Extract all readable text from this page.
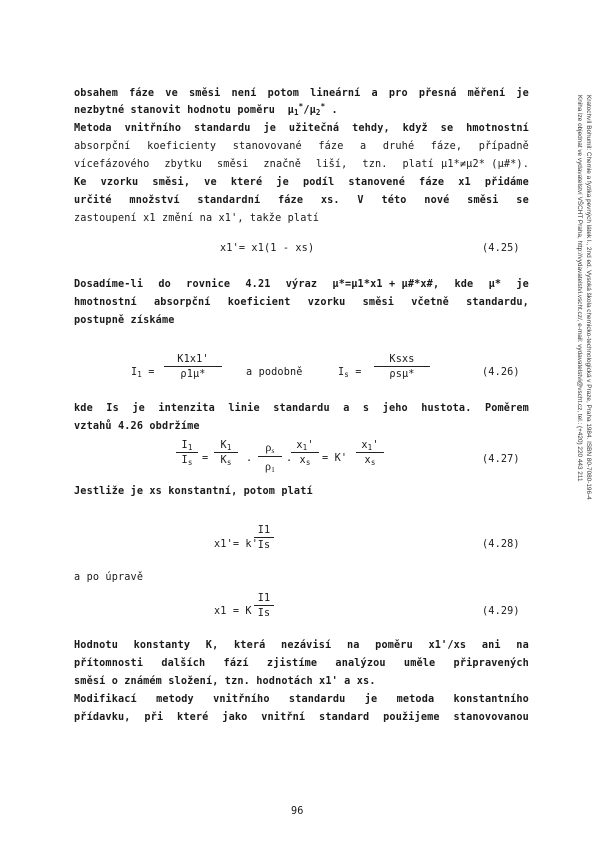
Kratochvíl Bohumil: Chemie a fyzika pevných látek I., 2nd ed. Vysoká škola chemicko-technologická v Praze, Praha 1984. ISBN 80-7080-196-4
Kniha lze objednat ve vydavatelství VŠCHT Praha, http://vydavatelstvi.vscht.cz/, e-mail: vydavatelstvi@vscht.cz, tel.: (+420) 220 443 211
obsahem fáze ve směsi není potom lineární a pro přesná měření je
nezbytné stanovit hodnotu poměru $\mu_1^*/\mu_2^*$ .
Metoda vnitřního standardu je užitečná tehdy, když se hmotnostní
absorpční koeficienty stanovované fáze a druhé fáze, případně
vícefázového zbytku směsi značně liší, tzn. platí μ1*≠μ2* (μ#*).
Ke vzorku směsi, ve které je podíl stanovené fáze x1 přidáme
určité množství standardní fáze xs. V této nové směsi se
zastoupení x1 změní na x1', takže platí
x1'= x1(1 - xs)	(4.25)
Dosadíme-li do rovnice 4.21 výraz μ*=μ1*x1 + μ#*x#, kde μ* je
hmotnostní absorpční koeficient vzorku směsi včetně standardu,
postupně získáme
$I_1$ =
K1x1'
ρ1μ*	a podobně	$I_s$ =
Ksxs
ρsμ*	(4.26)
kde Is je intenzita linie standardu a s jeho hustota. Poměrem
vztahů 4.26 obdržíme
$I_1$
$I_s$ =
$K_1$
$K_s$	.
$\rho_s$
$\rho_1$
.
$x_1'$
$x_s$	= K'
$x_1'$
$x_s$	(4.27)
Jestliže je xs konstantní, potom platí
x1'= k'
I1
Is	(4.28)
a po úpravě
x1 = K
I1
Is	(4.29)
Hodnotu konstanty K, která nezávisí na poměru x1'/xs ani na
přítomnosti dalších fází zjistíme analýzou uměle připravených
směsí o známém složení, tzn. hodnotách x1' a xs.
Modifikací metody vnitřního standardu je metoda konstantního
přídavku, při které jako vnitřní standard použijeme stanovovanou
96
